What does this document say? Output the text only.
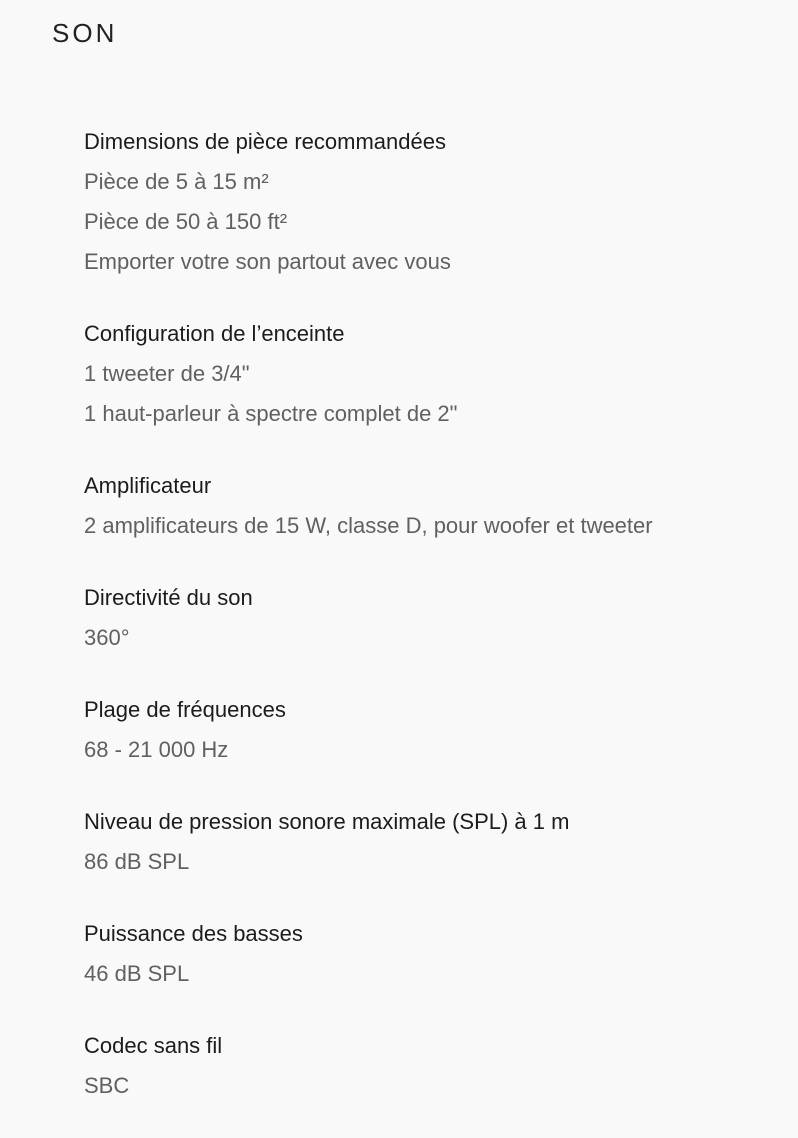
SON
Dimensions de pièce recommandées
Pièce de 5 à 15 m²
Pièce de 50 à 150 ft²
Emporter votre son partout avec vous
Configuration de l’enceinte
1 tweeter de 3/4"
1 haut-parleur à spectre complet de 2"
Amplificateur
2 amplificateurs de 15 W, classe D, pour woofer et tweeter
Directivité du son
360°
Plage de fréquences
68 - 21 000 Hz
Niveau de pression sonore maximale (SPL) à 1 m
86 dB SPL
Puissance des basses
46 dB SPL
Codec sans fil
SBC
